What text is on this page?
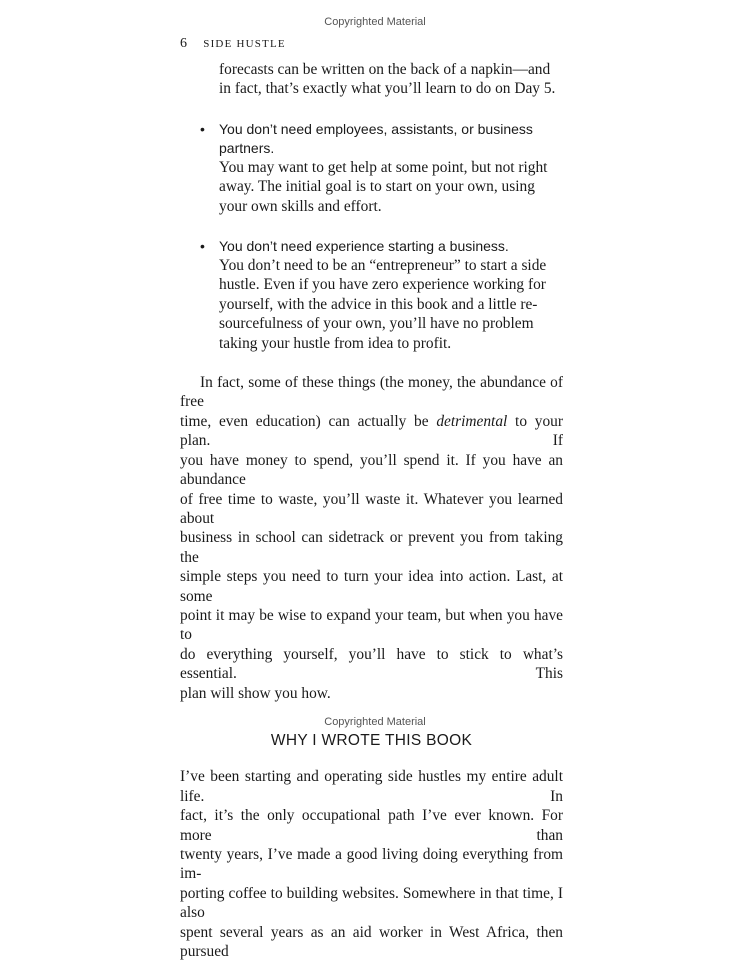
Copyrighted Material
6 SIDE HUSTLE
forecasts can be written on the back of a napkin—and
in fact, that’s exactly what you’ll learn to do on Day 5.
• You don’t need employees, assistants, or business
partners.
You may want to get help at some point, but not right
away. The initial goal is to start on your own, using
your own skills and effort.
• You don’t need experience starting a business.
You don’t need to be an “entrepreneur” to start a side
hustle. Even if you have zero experience working for
yourself, with the advice in this book and a little re-
sourcefulness of your own, you’ll have no problem
taking your hustle from idea to profit.
In fact, some of these things (the money, the abundance of free
time, even education) can actually be detrimental to your plan. If
you have money to spend, you’ll spend it. If you have an abundance
of free time to waste, you’ll waste it. Whatever you learned about
business in school can sidetrack or prevent you from taking the
simple steps you need to turn your idea into action. Last, at some
point it may be wise to expand your team, but when you have to
do everything yourself, you’ll have to stick to what’s essential. This
plan will show you how.
WHY I WROTE THIS BOOK
I’ve been starting and operating side hustles my entire adult life. In
fact, it’s the only occupational path I’ve ever known. For more than
twenty years, I’ve made a good living doing everything from im-
porting coffee to building websites. Somewhere in that time, I also
spent several years as an aid worker in West Africa, then pursued
Copyrighted Material
